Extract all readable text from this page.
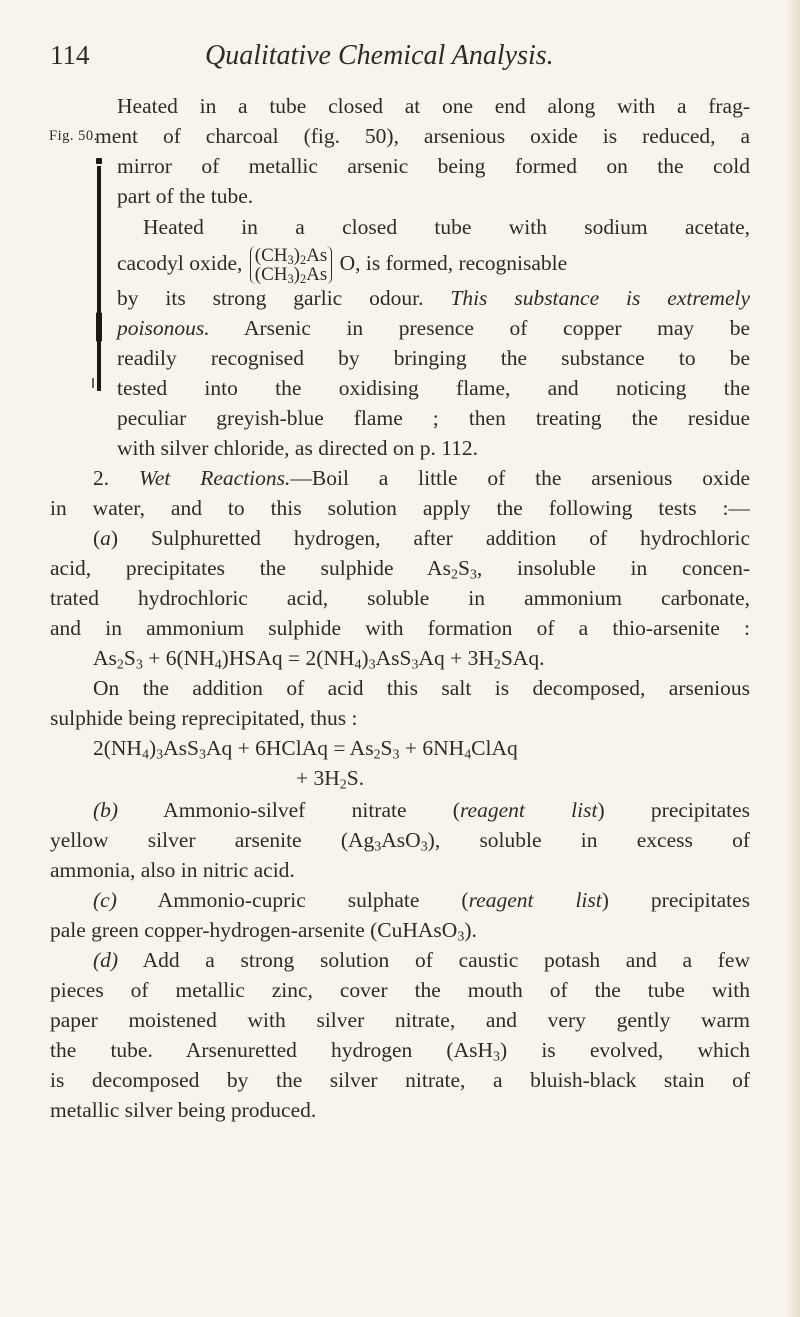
114	Qualitative Chemical Analysis.
Fig. 50.
Heated in a tube closed at one end along with a frag-
ment of charcoal (fig. 50), arsenious oxide is reduced, a
mirror of metallic arsenic being formed on the cold
part of the tube.
Heated in a closed tube with sodium acetate,
cacodyl oxide, $(CH_3)_2As$
$(CH_3)_2As$ O, is formed, recognisable
by its strong garlic odour. This substance is extremely
poisonous. Arsenic in presence of copper may be
readily recognised by bringing the substance to be
tested into the oxidising flame, and noticing the
peculiar greyish-blue flame ; then treating the residue
with silver chloride, as directed on p. 112.
2. Wet Reactions.—Boil a little of the arsenious oxide
in water, and to this solution apply the following tests :—
(a) Sulphuretted hydrogen, after addition of hydrochloric
acid, precipitates the sulphide $As_2S_3$, insoluble in concen-
trated hydrochloric acid, soluble in ammonium carbonate,
and in ammonium sulphide with formation of a thio-arsenite :
$As_2S_3$ + $6(NH_4)HSAq = 2(NH_4)_3AsS_3Aq + 3H_2SAq$.
On the addition of acid this salt is decomposed, arsenious
sulphide being reprecipitated, thus :
$2(NH_4)_3AsS_3Aq$ + 6HClAq = $As_2S_3$ + $6NH_4ClAq$
+ $3H_2S$.
(b) Ammonio-silvef nitrate (reagent list) precipitates
yellow silver arsenite $(Ag_3AsO_3)$, soluble in excess of
ammonia, also in nitric acid.
(c) Ammonio-cupric sulphate (reagent list) precipitates
pale green copper-hydrogen-arsenite (CuHAsO$_3$).
(d) Add a strong solution of caustic potash and a few
pieces of metallic zinc, cover the mouth of the tube with
paper moistened with silver nitrate, and very gently warm
the tube. Arsenuretted hydrogen (AsH$_3$) is evolved, which
is decomposed by the silver nitrate, a bluish-black stain of
metallic silver being produced.
